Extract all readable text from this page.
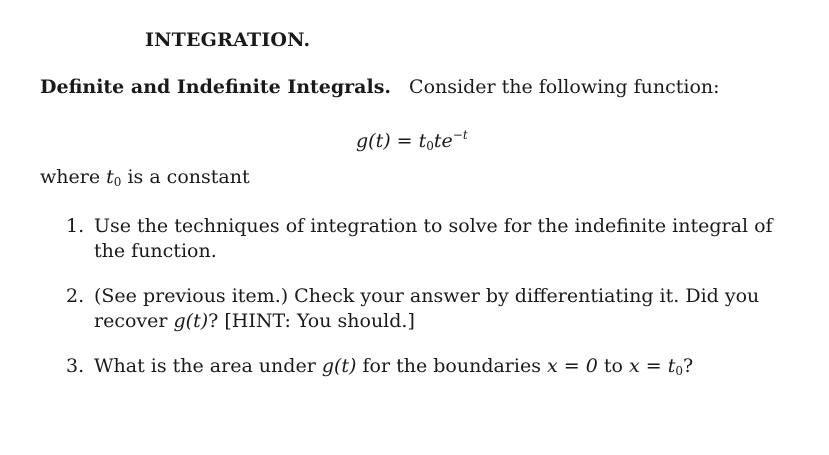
INTEGRATION.
Definite and Indefinite Integrals. Consider the following function:
$g(t) = t_0te^{-t}$
where $t_0$ is a constant
1. Use the techniques of integration to solve for the indefinite integral of the function.
2. (See previous item.) Check your answer by differentiating it. Did you recover g(t)? [HINT: You should.]
3. What is the area under g(t) for the boundaries x = 0 to $x = t_0$?
